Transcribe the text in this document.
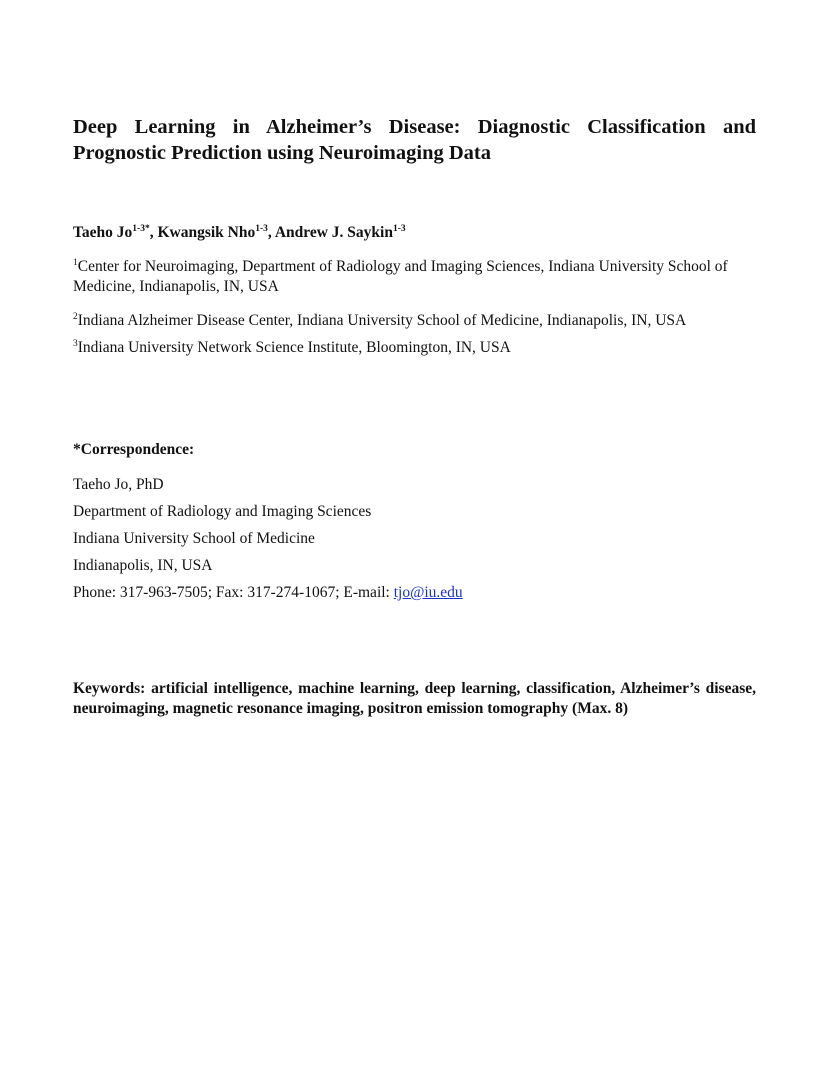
Deep Learning in Alzheimer’s Disease: Diagnostic Classification and Prognostic Prediction using Neuroimaging Data
Taeho $Jo^{1-3*}$, Kwangsik Nho$^{1-3}$, Andrew J. Saykin$^{1-3}$
$^1$Center for Neuroimaging, Department of Radiology and Imaging Sciences, Indiana University School of Medicine, Indianapolis, IN, USA
$^2$Indiana Alzheimer Disease Center, Indiana University School of Medicine, Indianapolis, IN, USA
$^3$Indiana University Network Science Institute, Bloomington, IN, USA
*Correspondence:
Taeho Jo, PhD
Department of Radiology and Imaging Sciences
Indiana University School of Medicine
Indianapolis, IN, USA
Phone: 317-963-7505; Fax: 317-274-1067; E-mail: tjo@iu.edu
Keywords: artificial intelligence, machine learning, deep learning, classification, Alzheimer’s disease, neuroimaging, magnetic resonance imaging, positron emission tomography (Max. 8)
